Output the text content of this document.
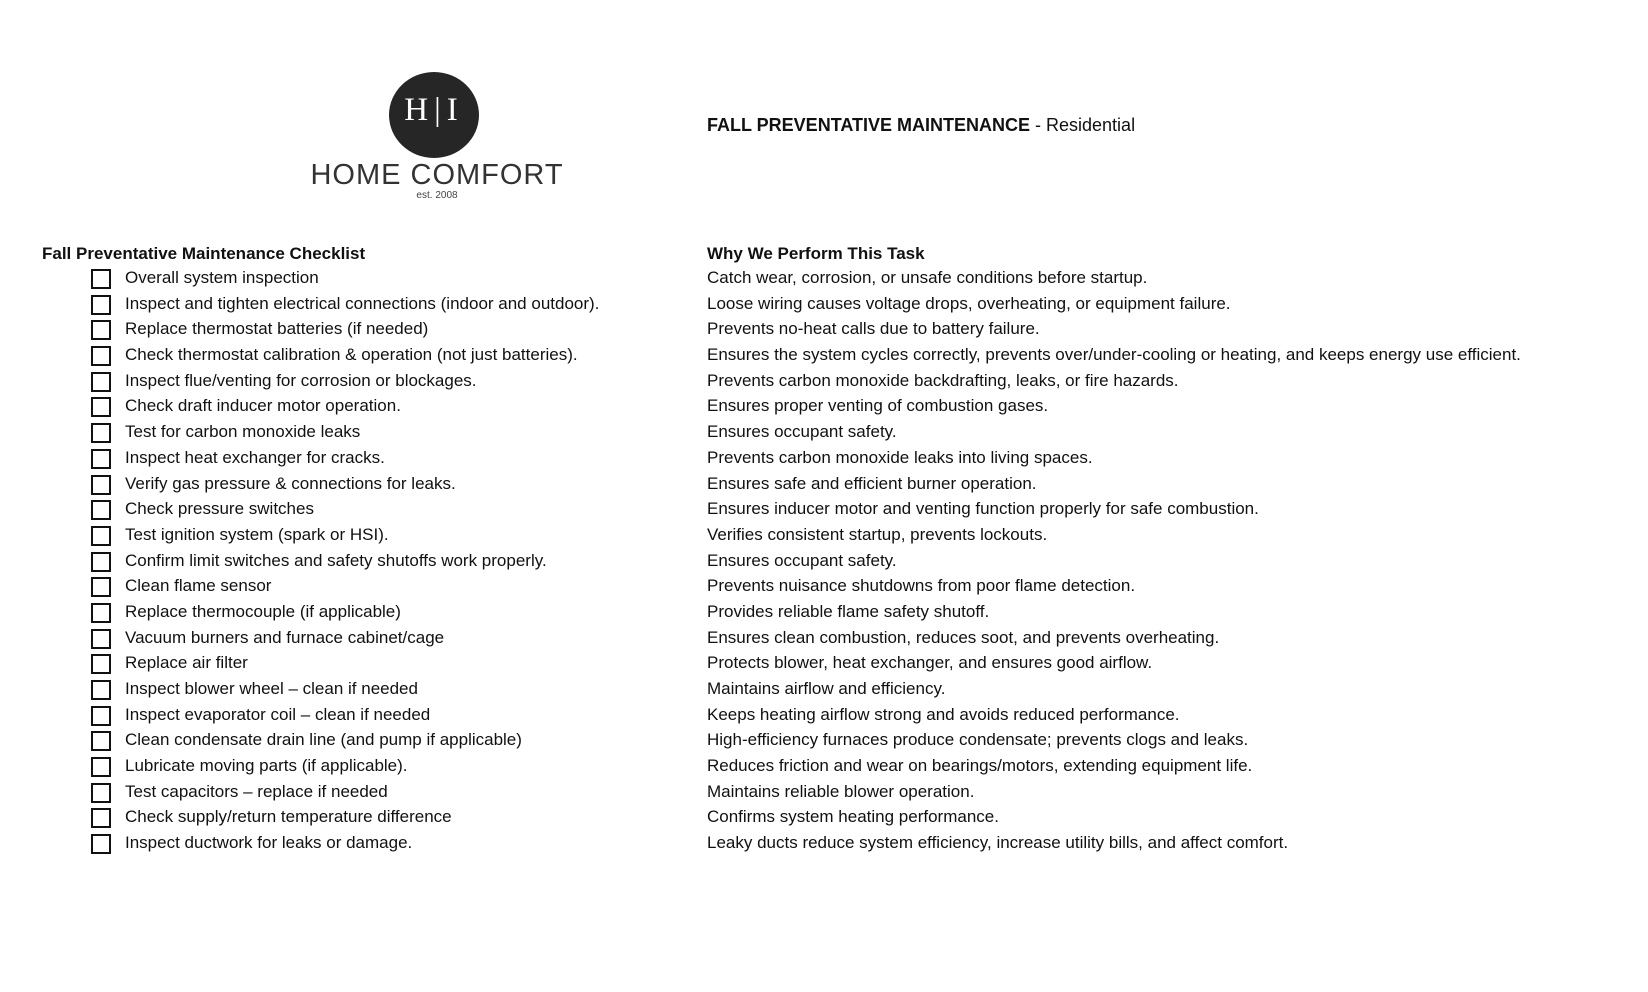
H|I
HOME COMFORT
est. 2008
FALL PREVENTATIVE MAINTENANCE - Residential
Fall Preventative Maintenance Checklist	Why We Perform This Task
Overall system inspection	Catch wear, corrosion, or unsafe conditions before startup.
Inspect and tighten electrical connections (indoor and outdoor).	Loose wiring causes voltage drops, overheating, or equipment failure.
Replace thermostat batteries (if needed)	Prevents no-heat calls due to battery failure.
Check thermostat calibration & operation (not just batteries).	Ensures the system cycles correctly, prevents over/under-cooling or heating, and keeps energy use efficient.
Inspect flue/venting for corrosion or blockages.	Prevents carbon monoxide backdrafting, leaks, or fire hazards.
Check draft inducer motor operation.	Ensures proper venting of combustion gases.
Test for carbon monoxide leaks	Ensures occupant safety.
Inspect heat exchanger for cracks.	Prevents carbon monoxide leaks into living spaces.
Verify gas pressure & connections for leaks.	Ensures safe and efficient burner operation.
Check pressure switches	Ensures inducer motor and venting function properly for safe combustion.
Test ignition system (spark or HSI).	Verifies consistent startup, prevents lockouts.
Confirm limit switches and safety shutoffs work properly.	Ensures occupant safety.
Clean flame sensor	Prevents nuisance shutdowns from poor flame detection.
Replace thermocouple (if applicable)	Provides reliable flame safety shutoff.
Vacuum burners and furnace cabinet/cage	Ensures clean combustion, reduces soot, and prevents overheating.
Replace air filter	Protects blower, heat exchanger, and ensures good airflow.
Inspect blower wheel – clean if needed	Maintains airflow and efficiency.
Inspect evaporator coil – clean if needed	Keeps heating airflow strong and avoids reduced performance.
Clean condensate drain line (and pump if applicable)	High-efficiency furnaces produce condensate; prevents clogs and leaks.
Lubricate moving parts (if applicable).	Reduces friction and wear on bearings/motors, extending equipment life.
Test capacitors – replace if needed	Maintains reliable blower operation.
Check supply/return temperature difference	Confirms system heating performance.
Inspect ductwork for leaks or damage.	Leaky ducts reduce system efficiency, increase utility bills, and affect comfort.
